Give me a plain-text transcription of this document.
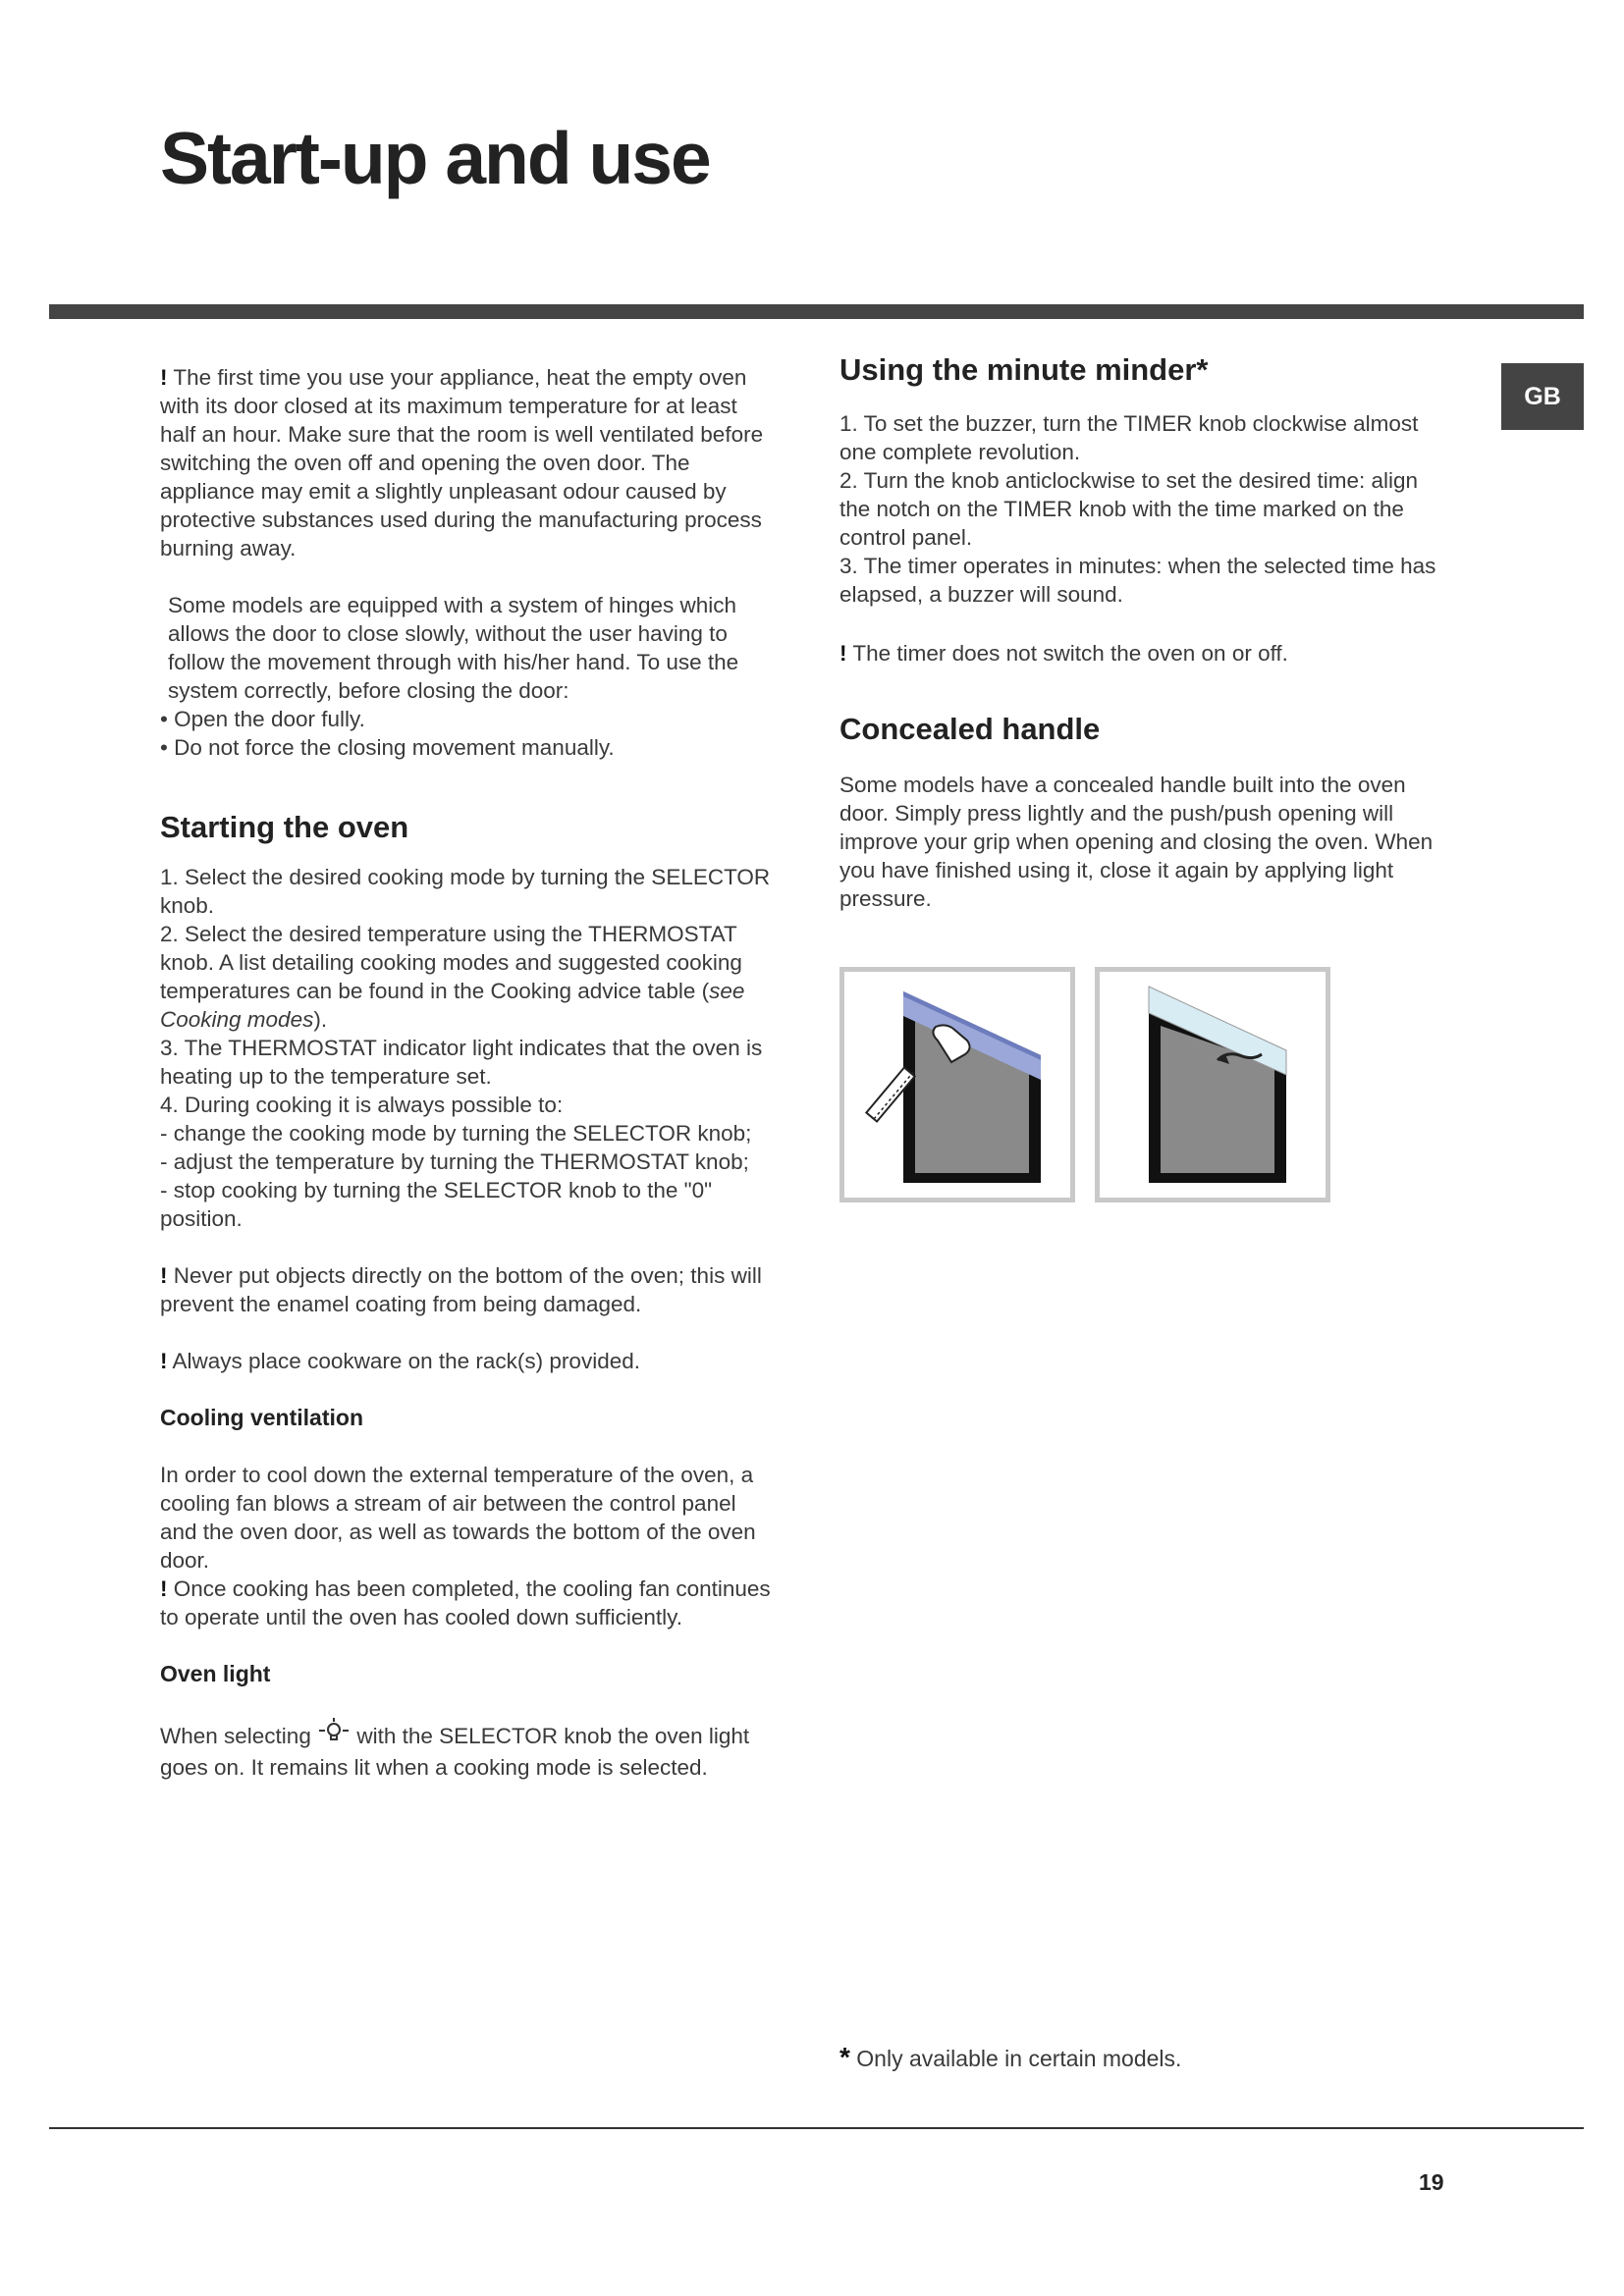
Start-up and use
GB

! The first time you use your appliance, heat the empty oven with its door closed at its maximum temperature for at least half an hour. Make sure that the room is well ventilated before switching the oven off and opening the oven door. The appliance may emit a slightly unpleasant odour caused by protective substances used during the manufacturing process burning away.

Some models are equipped with a system of hinges which allows the door to close slowly, without the user having to follow the movement through with his/her hand. To use the system correctly, before closing the door:

• Open the door fully.
• Do not force the closing movement manually.
Starting the oven

1. Select the desired cooking mode by turning the SELECTOR knob.

2. Select the desired temperature using the THERMOSTAT knob. A list detailing cooking modes and suggested cooking temperatures can be found in the Cooking advice table (see Cooking modes).

3. The THERMOSTAT indicator light indicates that the oven is heating up to the temperature set.

4. During cooking it is always possible to:

- change the cooking mode by turning the SELECTOR knob;

- adjust the temperature by turning the THERMOSTAT knob;

- stop cooking by turning the SELECTOR knob to the "0" position.

! Never put objects directly on the bottom of the oven; this will prevent the enamel coating from being damaged.

! Always place cookware on the rack(s) provided.

Cooling ventilation

In order to cool down the external temperature of the oven, a cooling fan blows a stream of air between the control panel and the oven door, as well as towards the bottom of the oven door.

! Once cooking has been completed, the cooling fan continues to operate until the oven has cooled down sufficiently.

Oven light

When selecting with the SELECTOR knob the oven light goes on. It remains lit when a cooking mode is selected.

Using the minute minder*

1. To set the buzzer, turn the TIMER knob clockwise almost one complete revolution.

2. Turn the knob anticlockwise to set the desired time: align the notch on the TIMER knob with the time marked on the control panel.

3. The timer operates in minutes: when the selected time has elapsed, a buzzer will sound.

! The timer does not switch the oven on or off.

Concealed handle

Some models have a concealed handle built into the oven door. Simply press lightly and the push/push opening will improve your grip when opening and closing the oven. When you have finished using it, close it again by applying light pressure.

* Only available in certain models.
19
